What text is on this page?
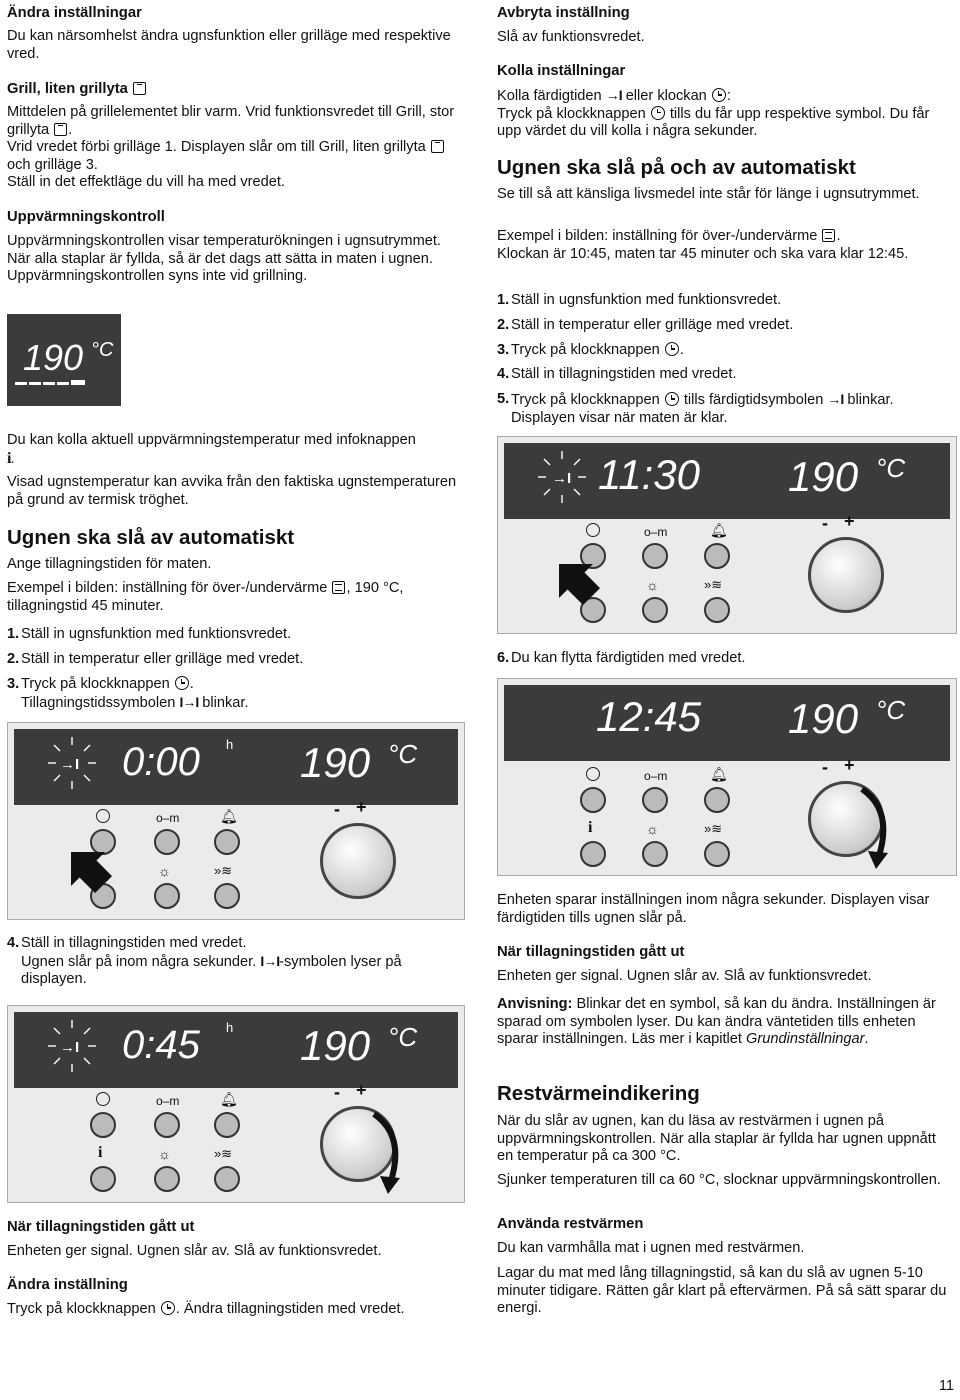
Ändra inställningar

Du kan närsomhelst ändra ugnsfunktion eller grilläge med respektive vred.

Grill, liten grillyta

Mittdelen på grillelementet blir varm. Vrid funktionsvredet till Grill, stor grillyta .
Vrid vredet förbi grilläge 1. Displayen slår om till Grill, liten grillyta  och grilläge 3.
Ställ in det effektläge du vill ha med vredet.

Uppvärmningskontroll

Uppvärmningskontrollen visar temperaturökningen i ugnsutrymmet. När alla staplar är fyllda, så är det dags att sätta in maten i ugnen.

Uppvärmningskontrollen syns inte vid grillning.

190 °C

Du kan kolla aktuell uppvärmningstemperatur med infoknappen
i.

Visad ugnstemperatur kan avvika från den faktiska ugnstemperaturen på grund av termisk tröghet.

Ugnen ska slå av automatiskt

Ange tillagningstiden för maten.

Exempel i bilden: inställning för över-/undervärme , 190 °C, tillagningstid 45 minuter.

1. Ställ in ugnsfunktion med funktionsvredet.
2. Ställ in temperatur eller grilläge med vredet.
3. Tryck på klockknappen .
Tillagningstidssymbolen I→I blinkar.
→I 0:00 h 190 °C
o–m	🔔︎
☼	»≋
- +
4. Ställ in tillagningstiden med vredet.
Ugnen slår på inom några sekunder. I→I-symbolen lyser på displayen.
→I 0:45 h 190 °C
o–m	🔔︎
i	☼	»≋
- +

När tillagningstiden gått ut

Enheten ger signal. Ugnen slår av. Slå av funktionsvredet.

Ändra inställning

Tryck på klockknappen . Ändra tillagningstiden med vredet.

Avbryta inställning

Slå av funktionsvredet.

Kolla inställningar

Kolla färdigtiden →I eller klockan :
Tryck på klockknappen tills du får upp respektive symbol. Du får upp värdet du vill kolla i några sekunder.

Ugnen ska slå på och av automatiskt

Se till så att känsliga livsmedel inte står för länge i ugnsutrymmet.

Exempel i bilden: inställning för över-/undervärme .
Klockan är 10:45, maten tar 45 minuter och ska vara klar 12:45.

1. Ställ in ugnsfunktion med funktionsvredet.
2. Ställ in temperatur eller grilläge med vredet.
3. Tryck på klockknappen .
4. Ställ in tillagningstiden med vredet.
5. Tryck på klockknappen tills färdigtidsymbolen →I blinkar.
Displayen visar när maten är klar.
→I 11:30 190 °C
o–m	🔔︎
☼	»≋
- +
6. Du kan flytta färdigtiden med vredet.
12:45 190 °C
o–m	🔔︎
i	☼	»≋
- +

Enheten sparar inställningen inom några sekunder. Displayen visar färdigtiden tills ugnen slår på.

När tillagningstiden gått ut

Enheten ger signal. Ugnen slår av. Slå av funktionsvredet.

Anvisning: Blinkar det en symbol, så kan du ändra. Inställningen är sparad om symbolen lyser. Du kan ändra väntetiden tills enheten sparar inställningen. Läs mer i kapitlet Grundinställningar.

Restvärmeindikering

När du slår av ugnen, kan du läsa av restvärmen i ugnen på uppvärmningskontrollen. När alla staplar är fyllda har ugnen uppnått en temperatur på ca 300 °C.

Sjunker temperaturen till ca 60 °C, slocknar uppvärmningskontrollen.

Använda restvärmen

Du kan varmhålla mat i ugnen med restvärmen.

Lagar du mat med lång tillagningstid, så kan du slå av ugnen 5-10 minuter tidigare. Rätten går klart på eftervärmen. På så sätt sparar du energi.

11
